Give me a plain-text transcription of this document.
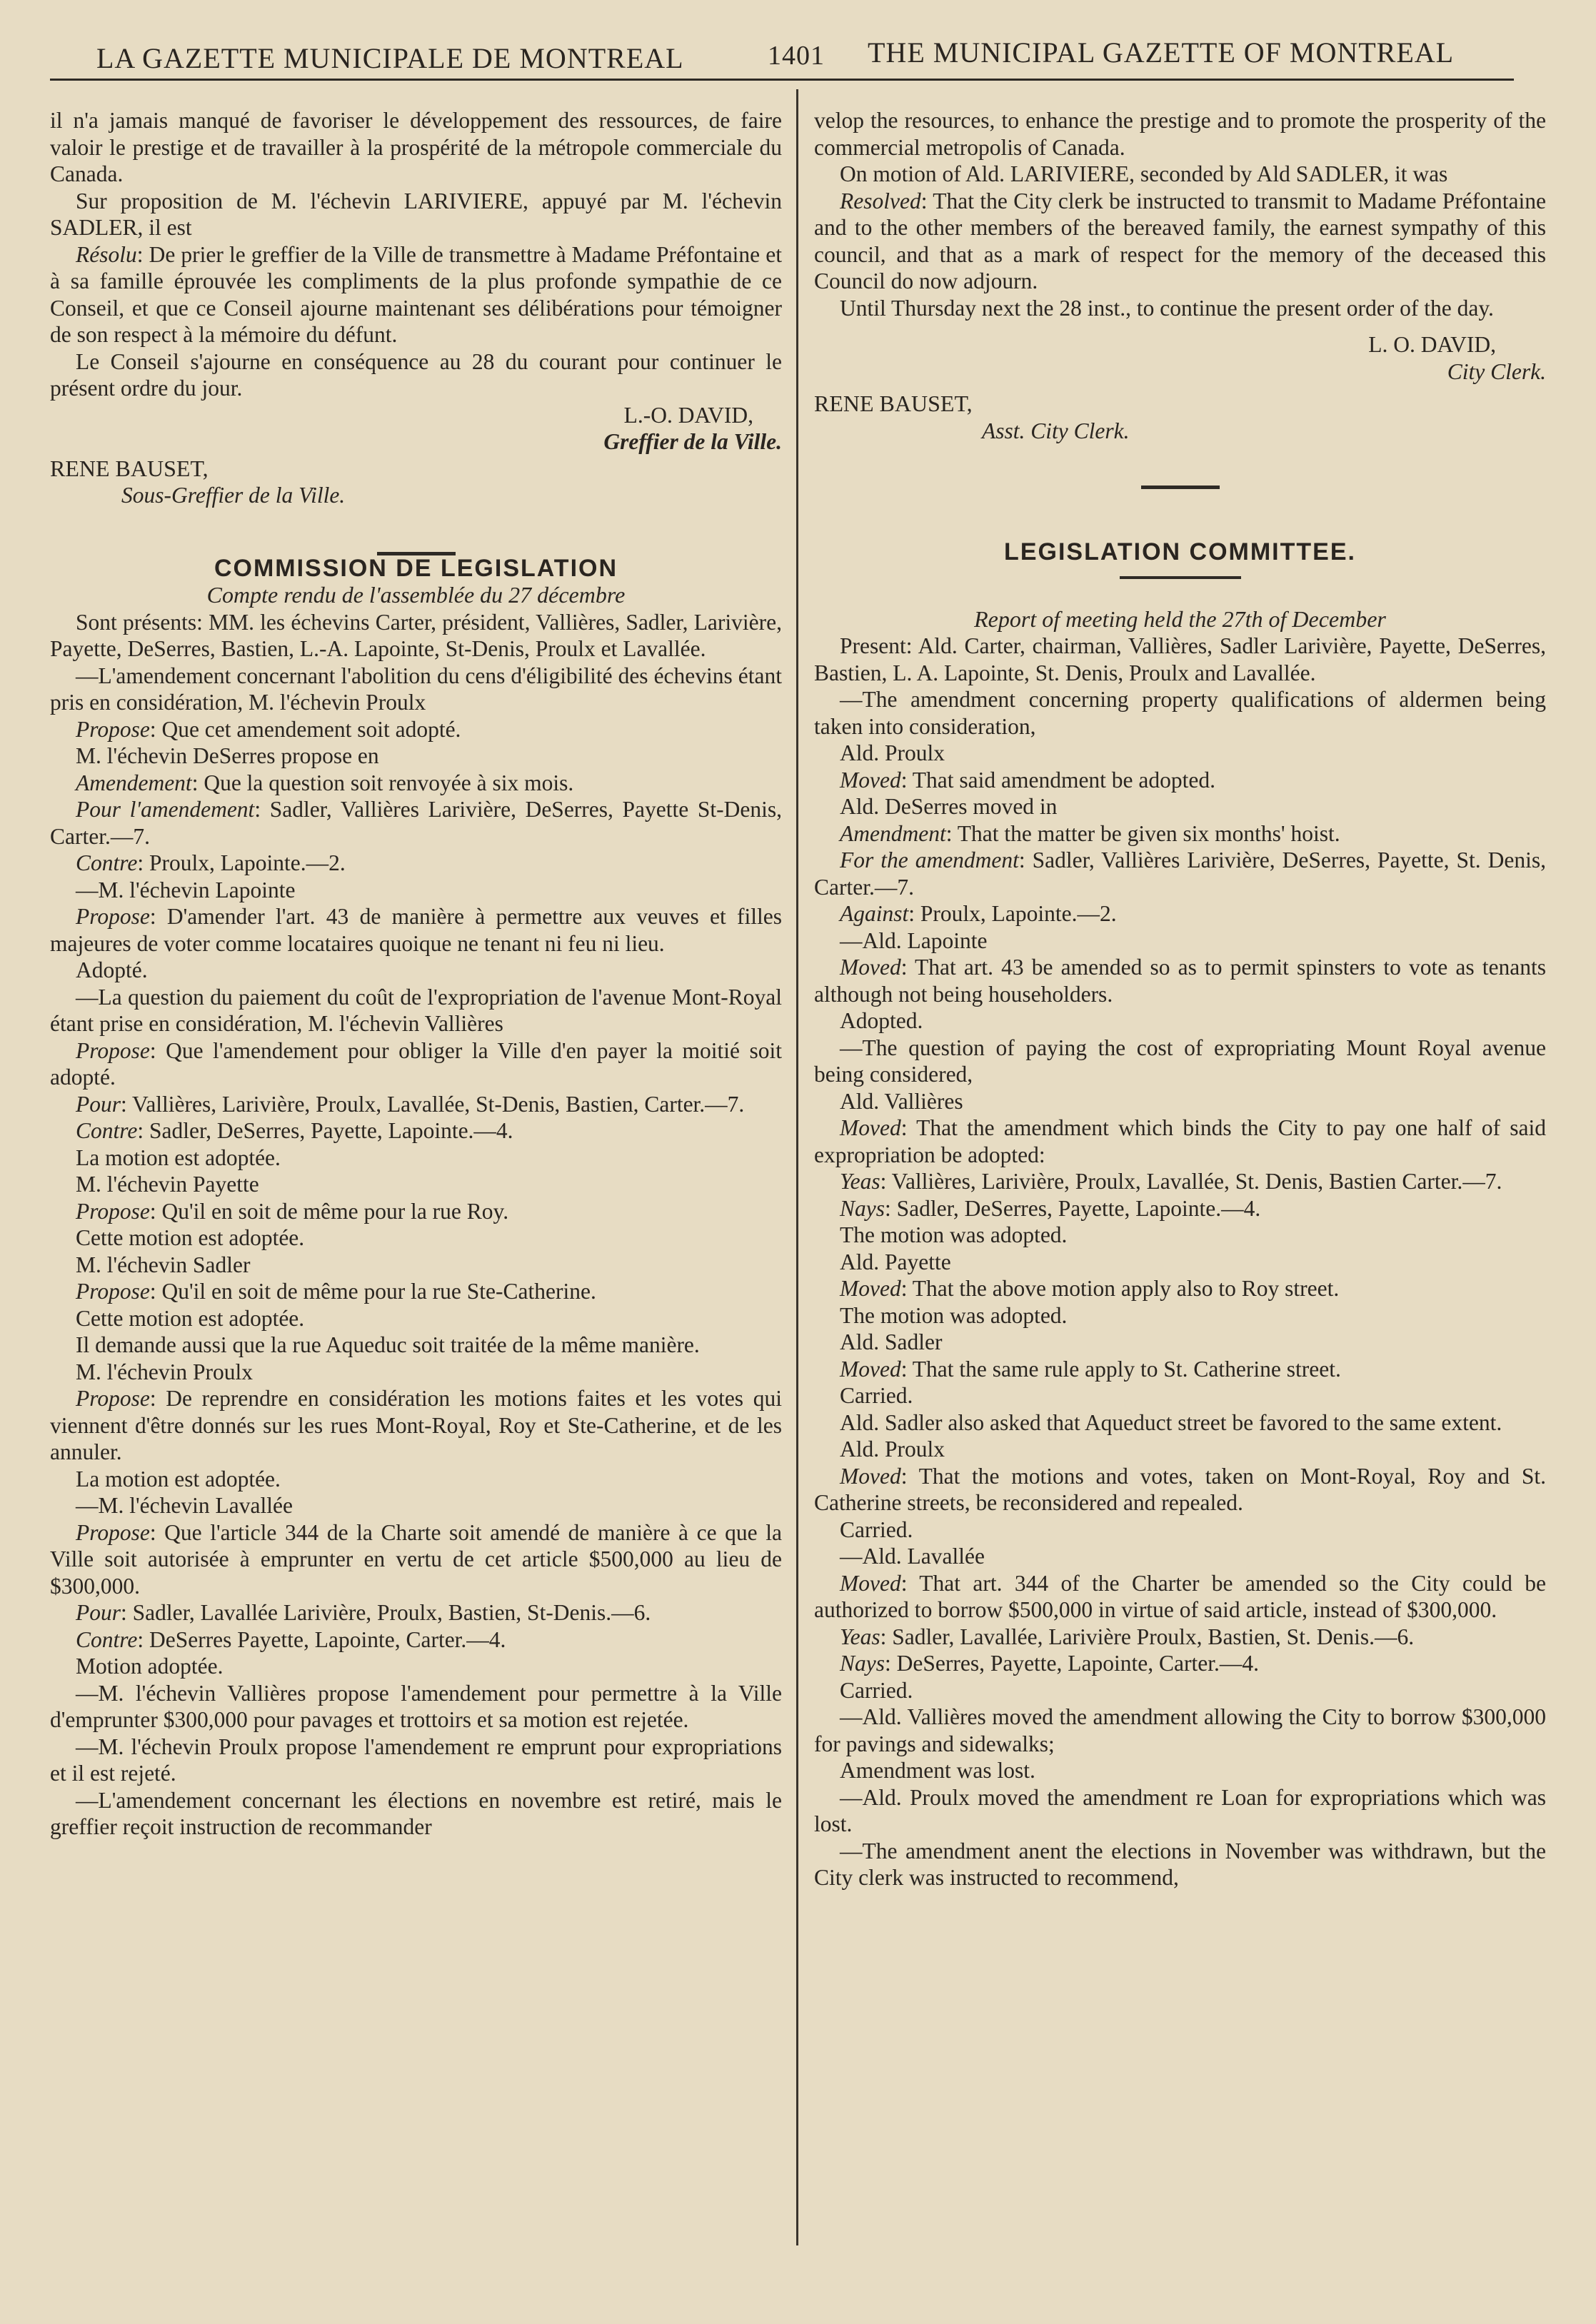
LA GAZETTE MUNICIPALE DE MONTREAL	1401 THE MUNICIPAL GAZETTE OF MONTREAL

il n'a jamais manqué de favoriser le développement des ressources, de faire valoir le prestige et de travailler à la prospérité de la métropole commerciale du Canada.

Sur proposition de M. l'échevin LARIVIERE, appuyé par M. l'échevin SADLER, il est

Résolu: De prier le greffier de la Ville de transmettre à Madame Préfontaine et à sa famille éprouvée les compliments de la plus profonde sympathie de ce Conseil, et que ce Conseil ajourne maintenant ses délibérations pour témoigner de son respect à la mémoire du défunt.

Le Conseil s'ajourne en conséquence au 28 du courant pour continuer le présent ordre du jour.

L.-O. DAVID,

Greffier de la Ville.

RENE BAUSET,

Sous-Greffier de la Ville.

COMMISSION DE LEGISLATION

Compte rendu de l'assemblée du 27 décembre

Sont présents: MM. les échevins Carter, président, Vallières, Sadler, Larivière, Payette, DeSerres, Bastien, L.-A. Lapointe, St-Denis, Proulx et Lavallée.

—L'amendement concernant l'abolition du cens d'éligibilité des échevins étant pris en considération, M. l'échevin Proulx

Propose: Que cet amendement soit adopté.

M. l'échevin DeSerres propose en

Amendement: Que la question soit renvoyée à six mois.

Pour l'amendement: Sadler, Vallières Larivière, DeSerres, Payette St-Denis, Carter.—7.

Contre: Proulx, Lapointe.—2.

—M. l'échevin Lapointe

Propose: D'amender l'art. 43 de manière à permettre aux veuves et filles majeures de voter comme locataires quoique ne tenant ni feu ni lieu.

Adopté.

—La question du paiement du coût de l'expropriation de l'avenue Mont-Royal étant prise en considération, M. l'échevin Vallières

Propose: Que l'amendement pour obliger la Ville d'en payer la moitié soit adopté.

Pour: Vallières, Larivière, Proulx, Lavallée, St-Denis, Bastien, Carter.—7.

Contre: Sadler, DeSerres, Payette, Lapointe.—4.

La motion est adoptée.

M. l'échevin Payette

Propose: Qu'il en soit de même pour la rue Roy.

Cette motion est adoptée.

M. l'échevin Sadler

Propose: Qu'il en soit de même pour la rue Ste-Catherine.

Cette motion est adoptée.

Il demande aussi que la rue Aqueduc soit traitée de la même manière.

M. l'échevin Proulx

Propose: De reprendre en considération les motions faites et les votes qui viennent d'être donnés sur les rues Mont-Royal, Roy et Ste-Catherine, et de les annuler.

La motion est adoptée.

—M. l'échevin Lavallée

Propose: Que l'article 344 de la Charte soit amendé de manière à ce que la Ville soit autorisée à emprunter en vertu de cet article $500,000 au lieu de $300,000.

Pour: Sadler, Lavallée Larivière, Proulx, Bastien, St-Denis.—6.

Contre: DeSerres Payette, Lapointe, Carter.—4.

Motion adoptée.

—M. l'échevin Vallières propose l'amendement pour permettre à la Ville d'emprunter $300,000 pour pavages et trottoirs et sa motion est rejetée.

—M. l'échevin Proulx propose l'amendement re emprunt pour expropriations et il est rejeté.

—L'amendement concernant les élections en novembre est retiré, mais le greffier reçoit instruction de recommander

velop the resources, to enhance the prestige and to promote the prosperity of the commercial metropolis of Canada.

On motion of Ald. LARIVIERE, seconded by Ald SADLER, it was

Resolved: That the City clerk be instructed to transmit to Madame Préfontaine and to the other members of the bereaved family, the earnest sympathy of this council, and that as a mark of respect for the memory of the deceased this Council do now adjourn.

Until Thursday next the 28 inst., to continue the present order of the day.

L. O. DAVID,

City Clerk.

RENE BAUSET,

Asst. City Clerk.

LEGISLATION COMMITTEE.

Report of meeting held the 27th of December

Present: Ald. Carter, chairman, Vallières, Sadler Larivière, Payette, DeSerres, Bastien, L. A. Lapointe, St. Denis, Proulx and Lavallée.

—The amendment concerning property qualifications of aldermen being taken into consideration,

Ald. Proulx

Moved: That said amendment be adopted.

Ald. DeSerres moved in

Amendment: That the matter be given six months' hoist.

For the amendment: Sadler, Vallières Larivière, DeSerres, Payette, St. Denis, Carter.—7.

Against: Proulx, Lapointe.—2.

—Ald. Lapointe

Moved: That art. 43 be amended so as to permit spinsters to vote as tenants although not being householders.

Adopted.

—The question of paying the cost of expropriating Mount Royal avenue being considered,

Ald. Vallières

Moved: That the amendment which binds the City to pay one half of said expropriation be adopted:

Yeas: Vallières, Larivière, Proulx, Lavallée, St. Denis, Bastien Carter.—7.

Nays: Sadler, DeSerres, Payette, Lapointe.—4.

The motion was adopted.

Ald. Payette

Moved: That the above motion apply also to Roy street.

The motion was adopted.

Ald. Sadler

Moved: That the same rule apply to St. Catherine street.

Carried.

Ald. Sadler also asked that Aqueduct street be favored to the same extent.

Ald. Proulx

Moved: That the motions and votes, taken on Mont-Royal, Roy and St. Catherine streets, be reconsidered and repealed.

Carried.

—Ald. Lavallée

Moved: That art. 344 of the Charter be amended so the City could be authorized to borrow $500,000 in virtue of said article, instead of $300,000.

Yeas: Sadler, Lavallée, Larivière Proulx, Bastien, St. Denis.—6.

Nays: DeSerres, Payette, Lapointe, Carter.—4.

Carried.

—Ald. Vallières moved the amendment allowing the City to borrow $300,000 for pavings and sidewalks;

Amendment was lost.

—Ald. Proulx moved the amendment re Loan for expropriations which was lost.

—The amendment anent the elections in November was withdrawn, but the City clerk was instructed to recommend,
